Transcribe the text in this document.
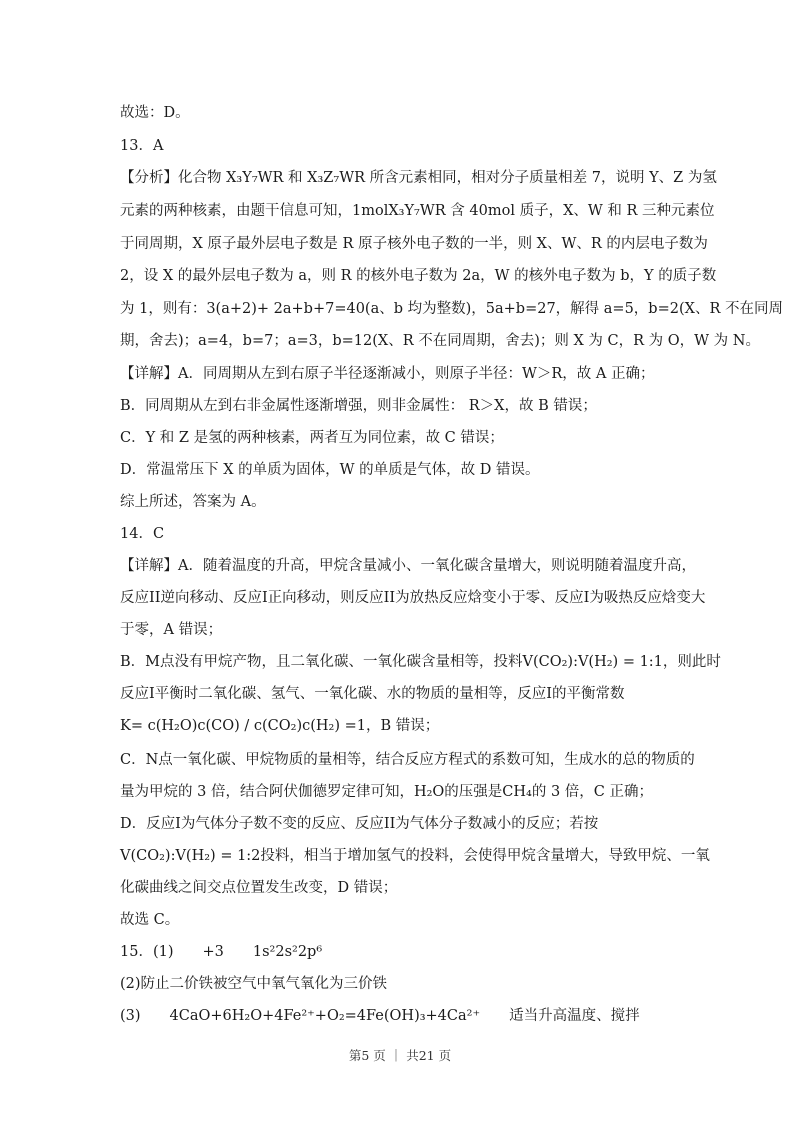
故选：D。
13．A
【分析】化合物 X₃Y₇WR 和 X₃Z₇WR 所含元素相同，相对分子质量相差 7，说明 Y、Z 为氢
元素的两种核素，由题干信息可知，1molX₃Y₇WR 含 40mol 质子，X、W 和 R 三种元素位
于同周期，X 原子最外层电子数是 R 原子核外电子数的一半，则 X、W、R 的内层电子数为
2，设 X 的最外层电子数为 a，则 R 的核外电子数为 2a，W 的核外电子数为 b，Y 的质子数
为 1，则有：3(a+2)+ 2a+b+7=40(a、b 均为整数)，5a+b=27，解得 a=5，b=2(X、R 不在同周
期，舍去)；a=4，b=7；a=3，b=12(X、R 不在同周期，舍去)；则 X 为 C，R 为 O，W 为 N。
【详解】A．同周期从左到右原子半径逐渐减小，则原子半径：W＞R，故 A 正确；
B．同周期从左到右非金属性逐渐增强，则非金属性： R＞X，故 B 错误；
C．Y 和 Z 是氢的两种核素，两者互为同位素，故 C 错误；
D．常温常压下 X 的单质为固体，W 的单质是气体，故 D 错误。
综上所述，答案为 A。
14．C
【详解】A．随着温度的升高，甲烷含量减小、一氧化碳含量增大，则说明随着温度升高，
反应II逆向移动、反应I正向移动，则反应II为放热反应焓变小于零、反应I为吸热反应焓变大
于零，A 错误；
B．M点没有甲烷产物，且二氧化碳、一氧化碳含量相等，投料V(CO₂):V(H₂) = 1:1，则此时
反应I平衡时二氧化碳、氢气、一氧化碳、水的物质的量相等，反应I的平衡常数
K= c(H₂O)c(CO) / c(CO₂)c(H₂) =1，B 错误；
C．N点一氧化碳、甲烷物质的量相等，结合反应方程式的系数可知，生成水的总的物质的
量为甲烷的 3 倍，结合阿伏伽德罗定律可知，H₂O的压强是CH₄的 3 倍，C 正确；
D．反应I为气体分子数不变的反应、反应II为气体分子数减小的反应；若按
V(CO₂):V(H₂) = 1:2投料，相当于增加氢气的投料，会使得甲烷含量增大，导致甲烷、一氧
化碳曲线之间交点位置发生改变，D 错误；
故选 C。
15．(1)　　+3　　1s²2s²2p⁶
(2)防止二价铁被空气中氧气氧化为三价铁
(3)　　4CaO+6H₂O+4Fe²⁺+O₂=4Fe(OH)₃+4Ca²⁺　　适当升高温度、搅拌
第5 页 ｜ 共21 页
